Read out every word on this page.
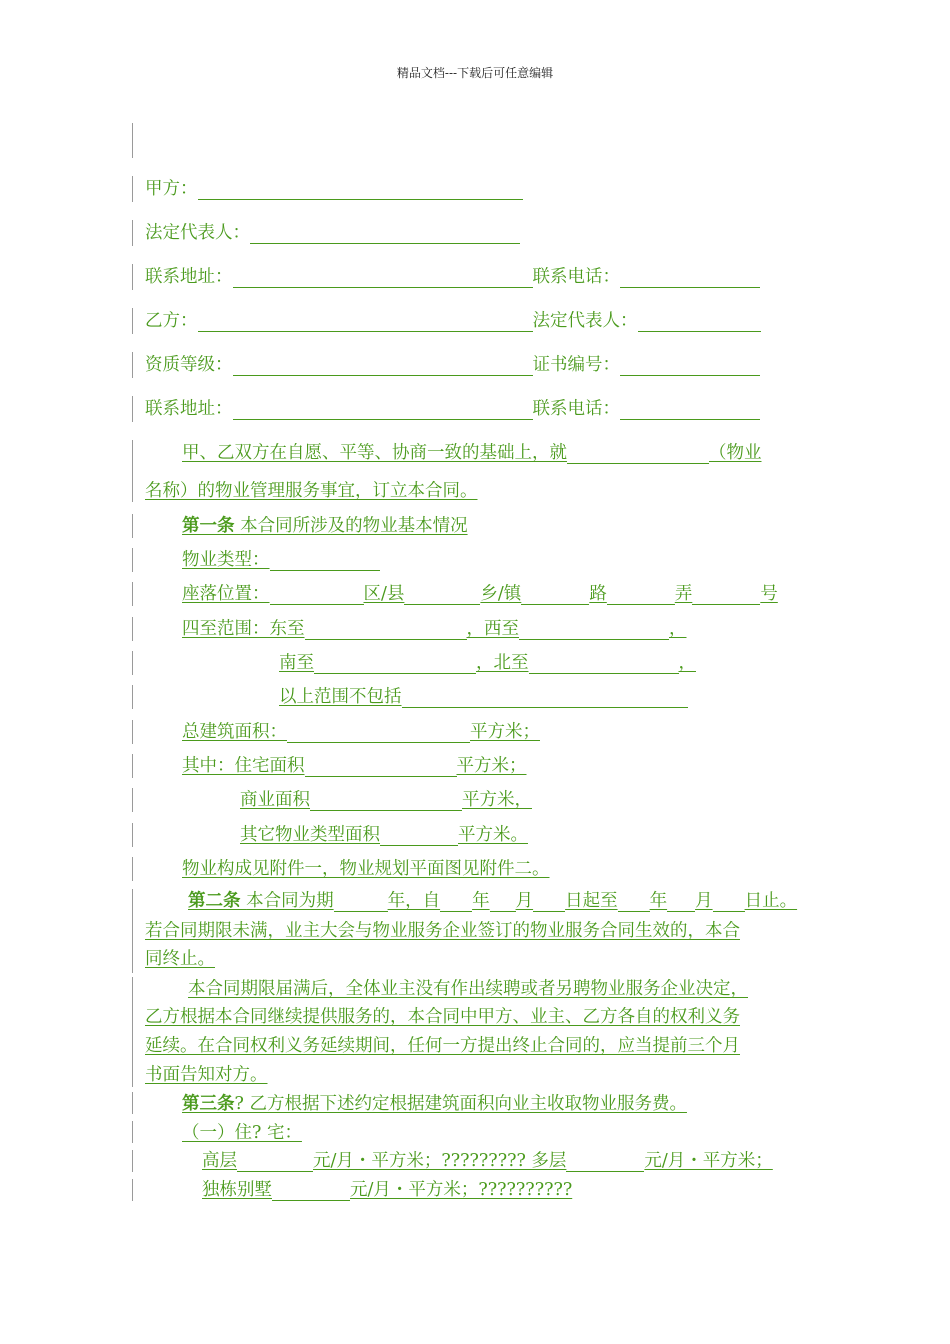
精品文档---下载后可任意编辑
甲方：
法定代表人：
联系地址：	联系电话：
乙方：	法定代表人：
资质等级：	证书编号：
联系地址：	联系电话：
甲、乙双方在自愿、平等、协商一致的基础上，就	（物业
名称）的物业管理服务事宜，订立本合同。
第一条 本合同所涉及的物业基本情况
物业类型：
座落位置：	区/县	乡/镇	路	弄	号
四至范围：东至	，西至	，
南至	，北至	，
以上范围不包括
总建筑面积：	平方米；
其中：住宅面积	平方米；
商业面积	平方米，
其它物业类型面积	平方米。
物业构成见附件一，物业规划平面图见附件二。
第二条 本合同为期	年，自 年 月 日起至 年 月 日止。
若合同期限未满，业主大会与物业服务企业签订的物业服务合同生效的，本合
同终止。
本合同期限届满后，全体业主没有作出续聘或者另聘物业服务企业决定，
乙方根据本合同继续提供服务的，本合同中甲方、业主、乙方各自的权利义务
延续。在合同权利义务延续期间，任何一方提出终止合同的，应当提前三个月
书面告知对方。
第三条? 乙方根据下述约定根据建筑面积向业主收取物业服务费。
（一）住? 宅：
高层	元/月・平方米；????????? 多层	元/月・平方米；
独栋别墅	元/月・平方米；??????????
